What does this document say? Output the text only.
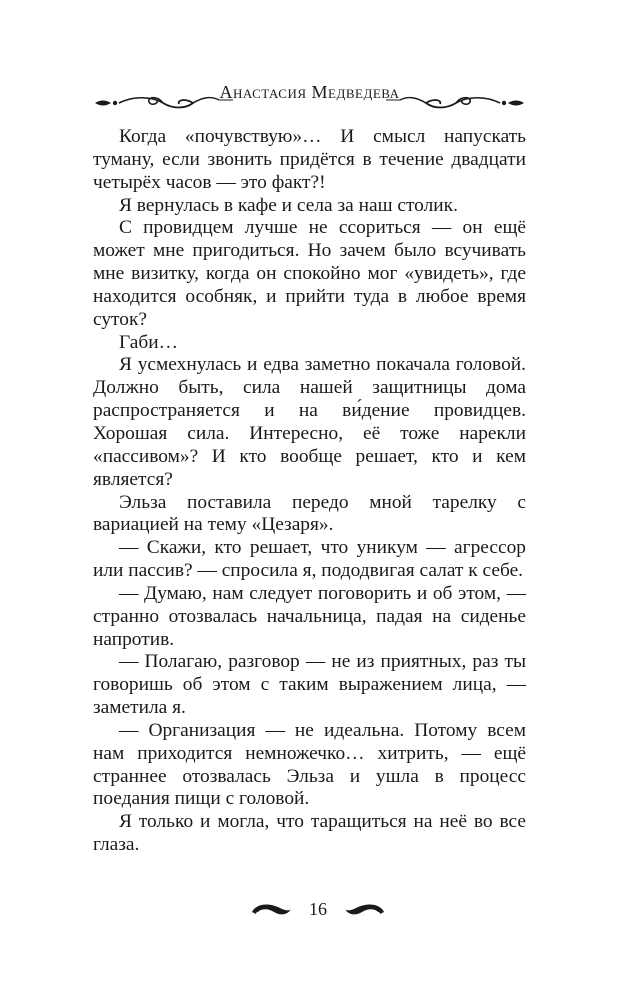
Анастасия Медведева

Когда «почувствую»… И смысл напускать туману, если звонить придётся в течение двадцати четырёх часов — это факт?!

Я вернулась в кафе и села за наш столик.

С провидцем лучше не ссориться — он ещё может мне пригодиться. Но зачем было всучивать мне визитку, когда он спокойно мог «увидеть», где находится особняк, и прийти туда в любое время суток?

Габи…

Я усмехнулась и едва заметно покачала головой. Должно быть, сила нашей защитницы дома распространяется и на ви́дение провидцев. Хорошая сила. Интересно, её тоже нарекли «пассивом»? И кто вообще решает, кто и кем является?

Эльза поставила передо мной тарелку с вариацией на тему «Цезаря».

— Скажи, кто решает, что уникум — агрессор или пассив? — спросила я, пододвигая салат к себе.

— Думаю, нам следует поговорить и об этом, — странно отозвалась начальница, падая на сиденье напротив.

— Полагаю, разговор — не из приятных, раз ты говоришь об этом с таким выражением лица, — заметила я.

— Организация — не идеальна. Потому всем нам приходится немножечко… хитрить, — ещё страннее отозвалась Эльза и ушла в процесс поедания пищи с головой.

Я только и могла, что таращиться на неё во все глаза.

16
